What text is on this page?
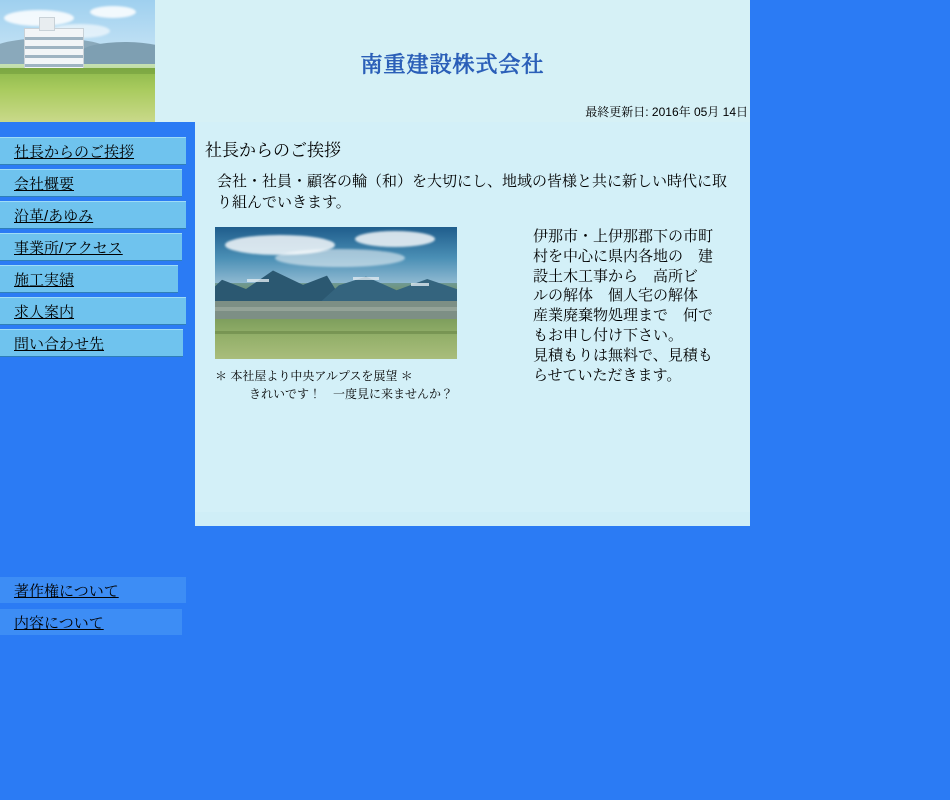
南重建設株式会社
最終更新日: 2016年 05月 14日
社長からのご挨拶
会社概要
沿革/あゆみ
事業所/アクセス
施工実績
求人案内
問い合わせ先
著作権について
内容について
社長からのご挨拶
会社・社員・顧客の輪（和）を大切にし、地域の皆様と共に新しい時代に取り組んでいきます。
＊ 本社屋より中央アルプスを展望 ＊
きれいです！　一度見に来ませんか？

伊那市・上伊那郡下の市町

村を中心に県内各地の　建

設土木工事から　高所ビ

ルの解体　個人宅の解体

産業廃棄物処理まで　何で

もお申し付け下さい。

見積もりは無料で、見積も

らせていただきます。
